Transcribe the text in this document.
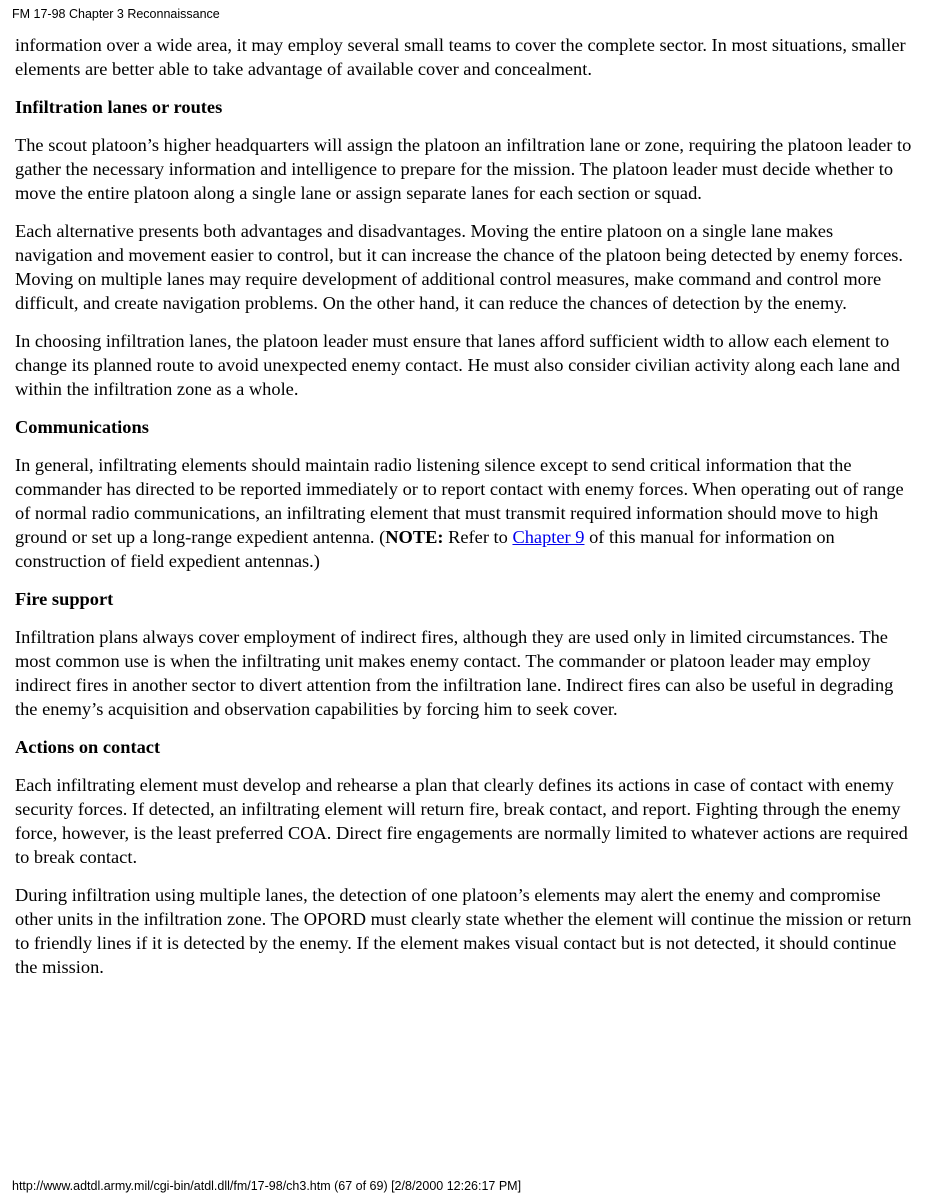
FM 17-98 Chapter 3 Reconnaissance

information over a wide area, it may employ several small teams to cover the complete sector. In most situations, smaller elements are better able to take advantage of available cover and concealment.

Infiltration lanes or routes

The scout platoon’s higher headquarters will assign the platoon an infiltration lane or zone, requiring the platoon leader to gather the necessary information and intelligence to prepare for the mission. The platoon leader must decide whether to move the entire platoon along a single lane or assign separate lanes for each section or squad.

Each alternative presents both advantages and disadvantages. Moving the entire platoon on a single lane makes navigation and movement easier to control, but it can increase the chance of the platoon being detected by enemy forces. Moving on multiple lanes may require development of additional control measures, make command and control more difficult, and create navigation problems. On the other hand, it can reduce the chances of detection by the enemy.

In choosing infiltration lanes, the platoon leader must ensure that lanes afford sufficient width to allow each element to change its planned route to avoid unexpected enemy contact. He must also consider civilian activity along each lane and within the infiltration zone as a whole.

Communications

In general, infiltrating elements should maintain radio listening silence except to send critical information that the commander has directed to be reported immediately or to report contact with enemy forces. When operating out of range of normal radio communications, an infiltrating element that must transmit required information should move to high ground or set up a long-range expedient antenna. (NOTE: Refer to Chapter 9 of this manual for information on construction of field expedient antennas.)

Fire support

Infiltration plans always cover employment of indirect fires, although they are used only in limited circumstances. The most common use is when the infiltrating unit makes enemy contact. The commander or platoon leader may employ indirect fires in another sector to divert attention from the infiltration lane. Indirect fires can also be useful in degrading the enemy’s acquisition and observation capabilities by forcing him to seek cover.

Actions on contact

Each infiltrating element must develop and rehearse a plan that clearly defines its actions in case of contact with enemy security forces. If detected, an infiltrating element will return fire, break contact, and report. Fighting through the enemy force, however, is the least preferred COA. Direct fire engagements are normally limited to whatever actions are required to break contact.

During infiltration using multiple lanes, the detection of one platoon’s elements may alert the enemy and compromise other units in the infiltration zone. The OPORD must clearly state whether the element will continue the mission or return to friendly lines if it is detected by the enemy. If the element makes visual contact but is not detected, it should continue the mission.

http://www.adtdl.army.mil/cgi-bin/atdl.dll/fm/17-98/ch3.htm (67 of 69) [2/8/2000 12:26:17 PM]
